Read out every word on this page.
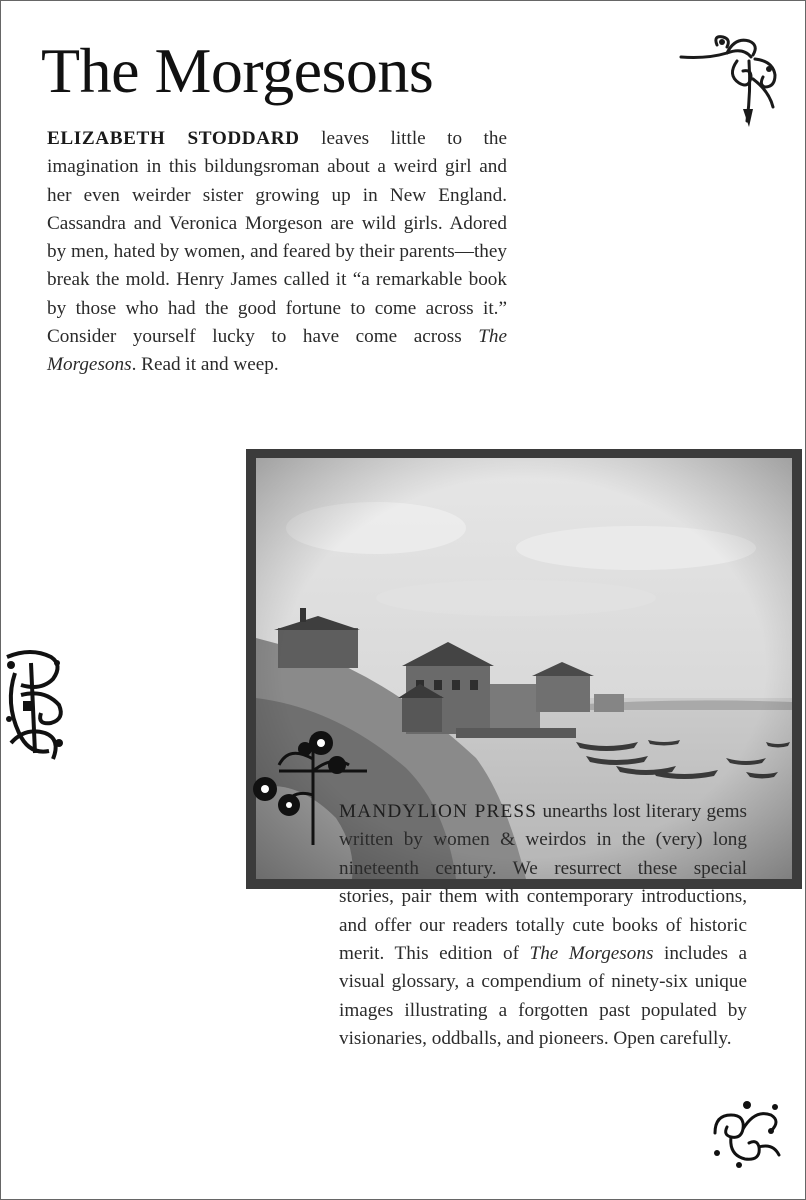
The Morgesons

ELIZABETH STODDARD leaves little to the imagination in this bildungsroman about a weird girl and her even weirder sister growing up in New England. Cassandra and Veronica Morgeson are wild girls. Adored by men, hated by women, and feared by their parents—they break the mold. Henry James called it “a remarkable book by those who had the good fortune to come across it.” Consider yourself lucky to have come across The Morgesons. Read it and weep.

MANDYLION PRESS unearths lost literary gems written by women & weirdos in the (very) long nineteenth century. We resurrect these special stories, pair them with contemporary introductions, and offer our readers totally cute books of historic merit. This edition of The Morgesons includes a visual glossary, a compendium of ninety-six unique images illustrating a forgotten past populated by visionaries, oddballs, and pioneers. Open carefully.
